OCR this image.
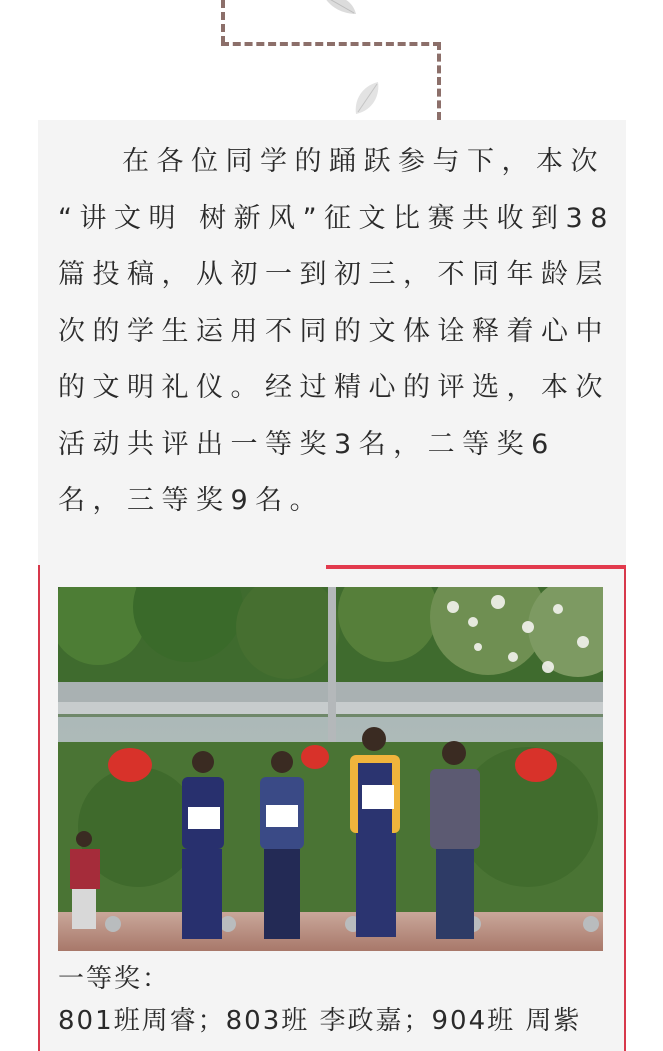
在各位同学的踊跃参与下，本次
“讲文明 树新风”征文比赛共收到38
篇投稿，从初一到初三，不同年龄层
次的学生运用不同的文体诠释着心中
的文明礼仪。经过精心的评选，本次
活动共评出一等奖3名，二等奖6
名，三等奖9名。
一等奖：
801班周睿；803班 李政嘉；904班 周紫
